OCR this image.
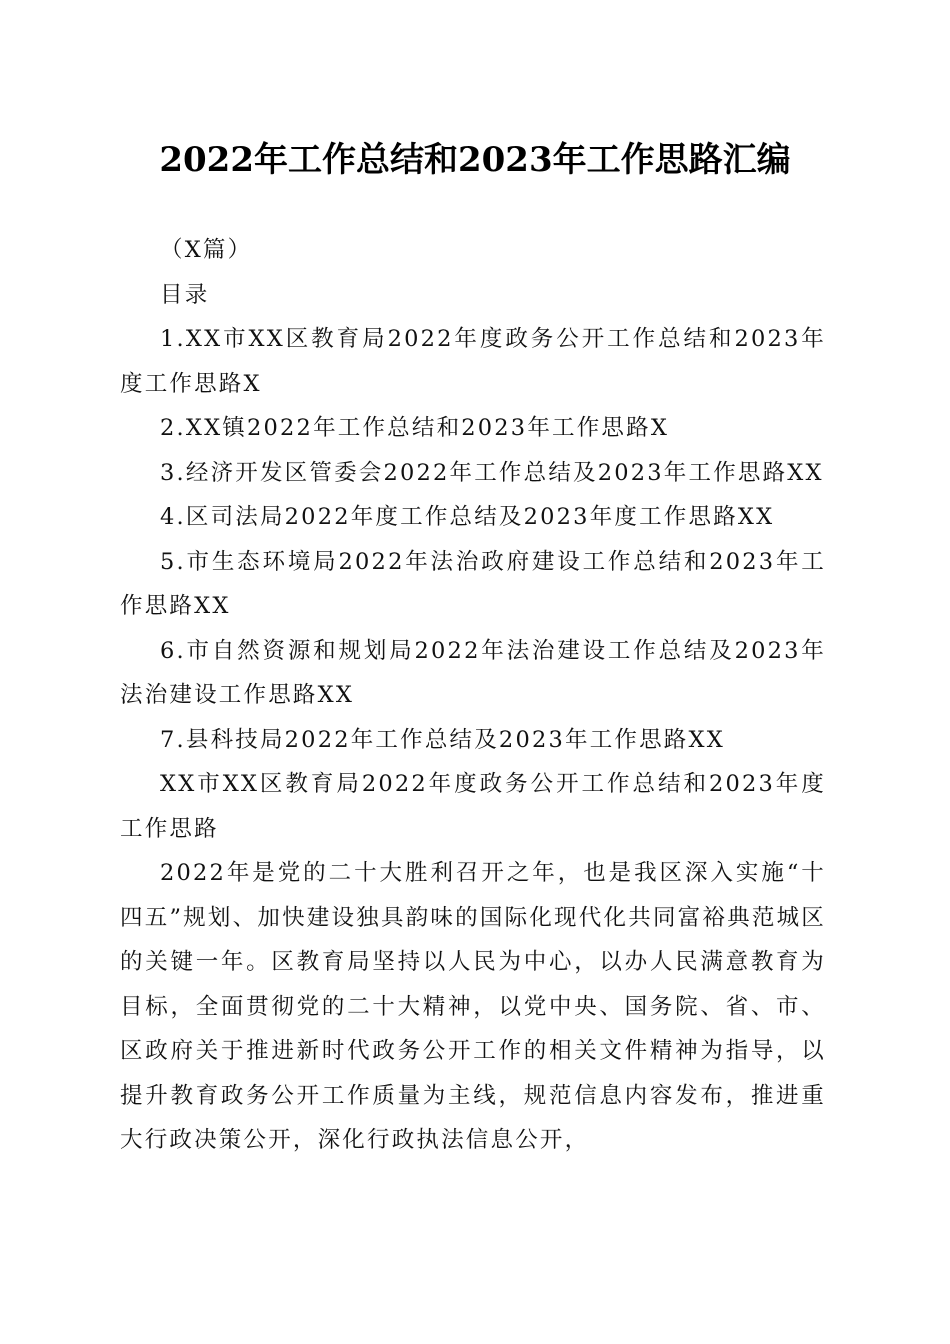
2022年工作总结和2023年工作思路汇编

（X篇）

目录

1.XX市XX区教育局2022年度政务公开工作总结和2023年度工作思路X

2.XX镇2022年工作总结和2023年工作思路X

3.经济开发区管委会2022年工作总结及2023年工作思路XX

4.区司法局2022年度工作总结及2023年度工作思路XX

5.市生态环境局2022年法治政府建设工作总结和2023年工作思路XX

6.市自然资源和规划局2022年法治建设工作总结及2023年法治建设工作思路XX

7.县科技局2022年工作总结及2023年工作思路XX

XX市XX区教育局2022年度政务公开工作总结和2023年度工作思路

2022年是党的二十大胜利召开之年，也是我区深入实施“十四五”规划、加快建设独具韵味的国际化现代化共同富裕典范城区的关键一年。区教育局坚持以人民为中心，以办人民满意教育为目标，全面贯彻党的二十大精神，以党中央、国务院、省、市、区政府关于推进新时代政务公开工作的相关文件精神为指导，以提升教育政务公开工作质量为主线，规范信息内容发布，推进重大行政决策公开，深化行政执法信息公开，
